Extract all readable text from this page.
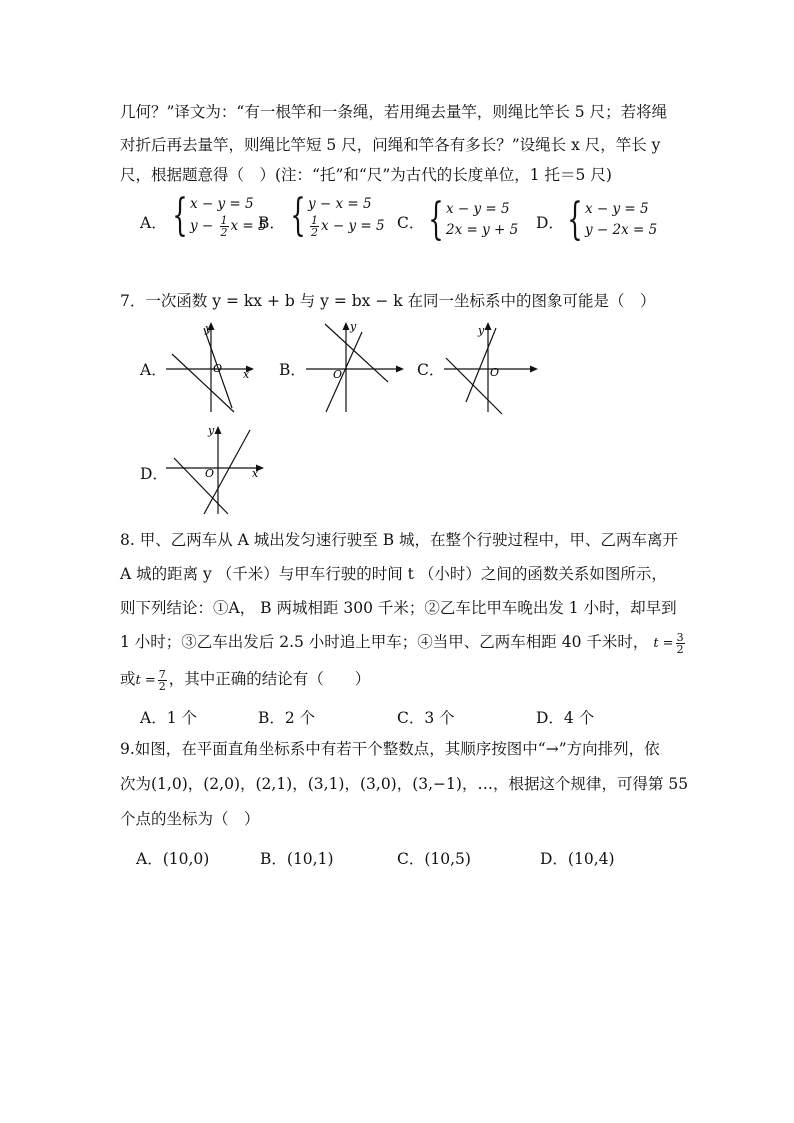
几何？”译文为：“有一根竿和一条绳，若用绳去量竿，则绳比竿长 5 尺；若将绳
对折后再去量竿，则绳比竿短 5 尺，问绳和竿各有多长？”设绳长 x 尺，竿长 y
尺，根据题意得（　）(注：“托”和“尺”为古代的长度单位，1 托＝5 尺)
A． { x − y = 5
$y - \frac{1}{2}$ x = 5
B． { y − x = 5
$\frac{1}{2}$ x − y = 5 C． { x − y = 5
2x = y + 5 D． { x − y = 5
y − 2x = 5
7．一次函数 y = kx + b 与 y = bx − k 在同一坐标系中的图象可能是（　）
A．
y
x
O	B．
y
O	C．
y
O
D．
y
x
O
8. 甲、乙两车从 A 城出发匀速行驶至 B 城，在整个行驶过程中，甲、乙两车离开
A 城的距离 y （千米）与甲车行驶的时间 t （小时）之间的函数关系如图所示，
则下列结论：①A， B 两城相距 300 千米；②乙车比甲车晚出发 1 小时，却早到
1 小时；③乙车出发后 2.5 小时追上甲车；④当甲、乙两车相距 40 千米时， $t = \frac{3}{2}$
或$t = \frac{7}{2}$ ，其中正确的结论有（　　）
A．1 个	B．2 个	C．3 个	D．4 个
9.如图，在平面直角坐标系中有若干个整数点，其顺序按图中“→”方向排列，依
次为(1,0)，(2,0)，(2,1)，(3,1)，(3,0)，(3,−1)，…，根据这个规律，可得第 55
个点的坐标为（　）
A．(10,0)	B．(10,1)	C．(10,5)	D．(10,4)
